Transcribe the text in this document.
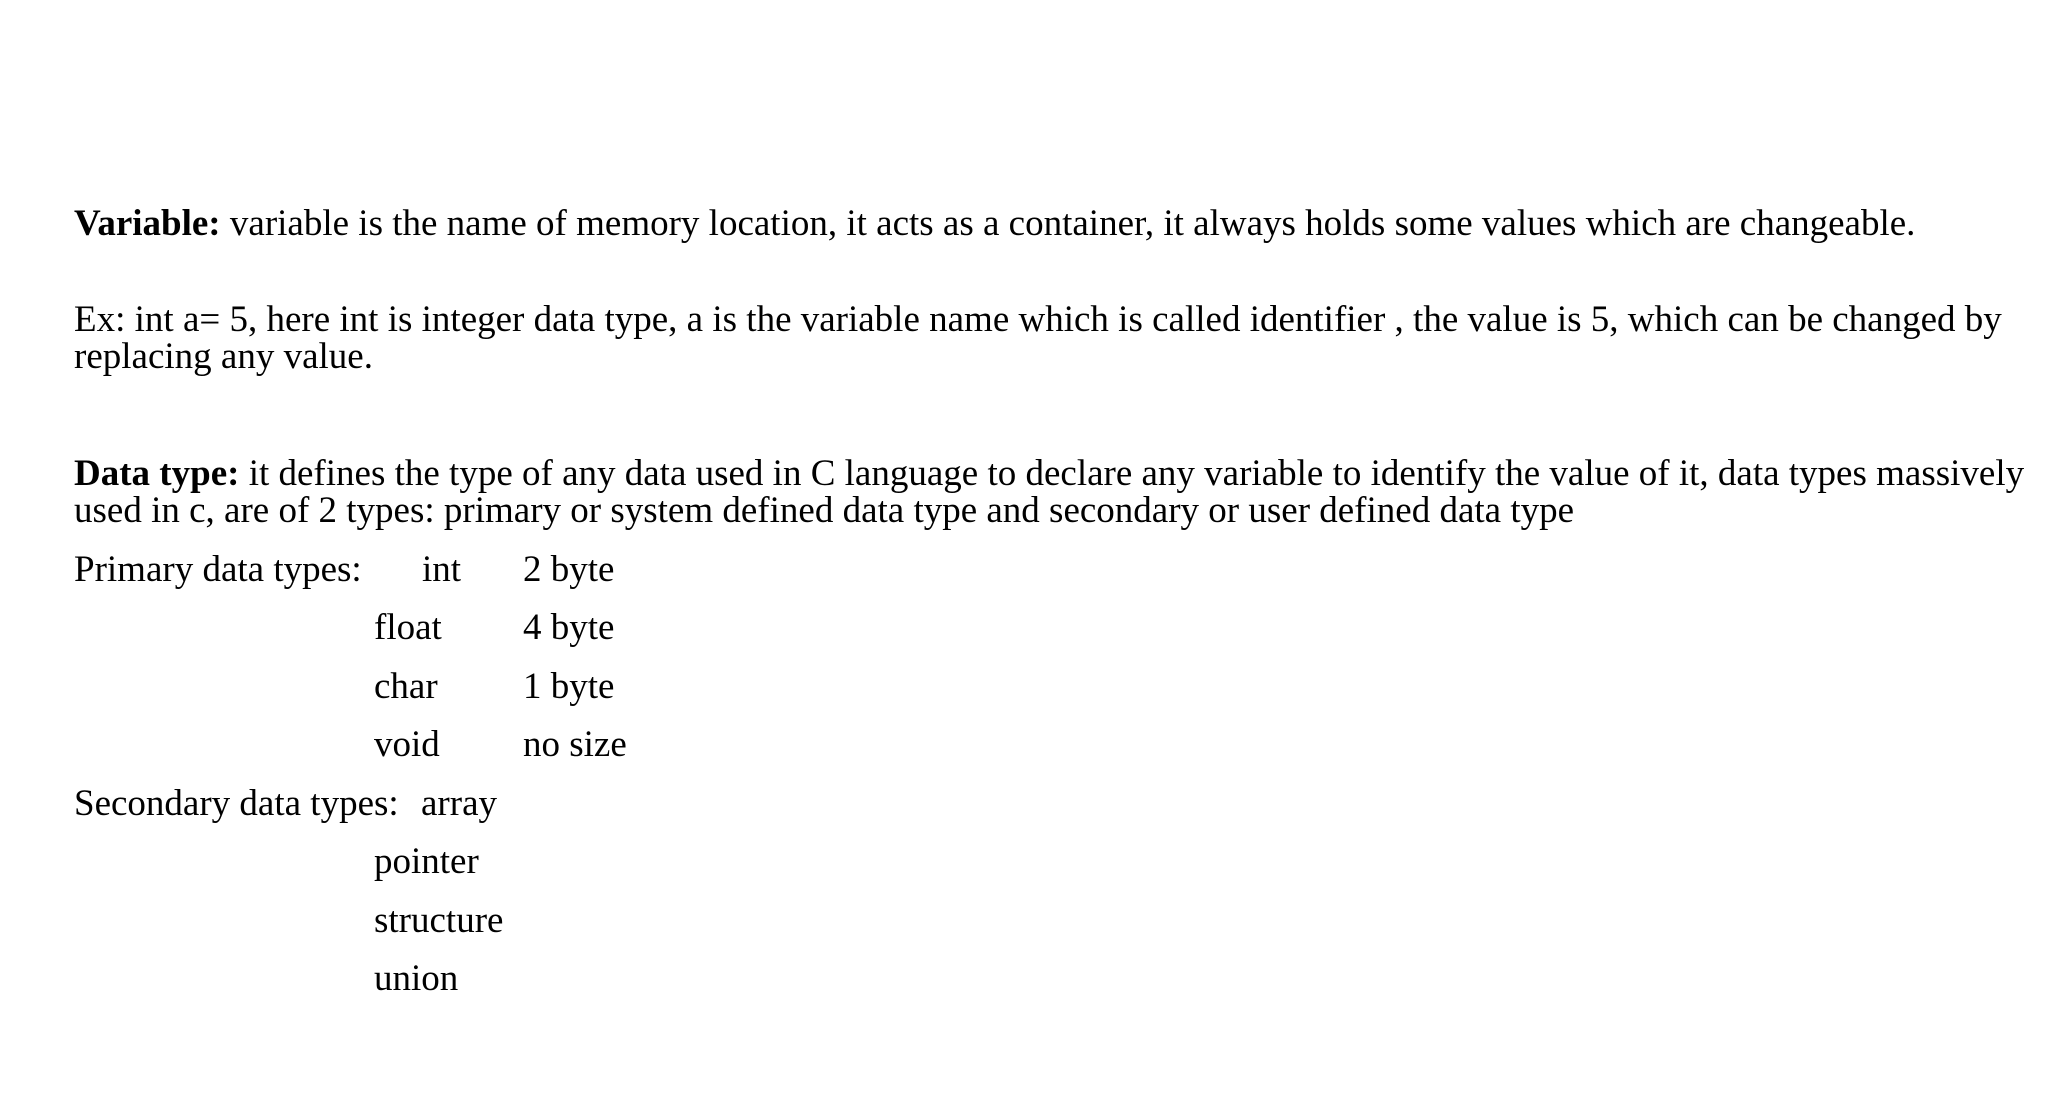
Variable: variable is the name of memory location, it acts as a container, it always holds some values which are changeable.
Ex: int a= 5, here int is integer data type, a is the variable name which is called identifier , the value is 5, which can be changed by replacing any value.
Data type: it defines the type of any data used in C language to declare any variable to identify the value of it, data types massively used in c, are of 2 types: primary or system defined data type and secondary or user defined data type
Primary data types: int 2 byte
float 4 byte
char 1 byte
void no size
Secondary data types: array
pointer
structure
union
